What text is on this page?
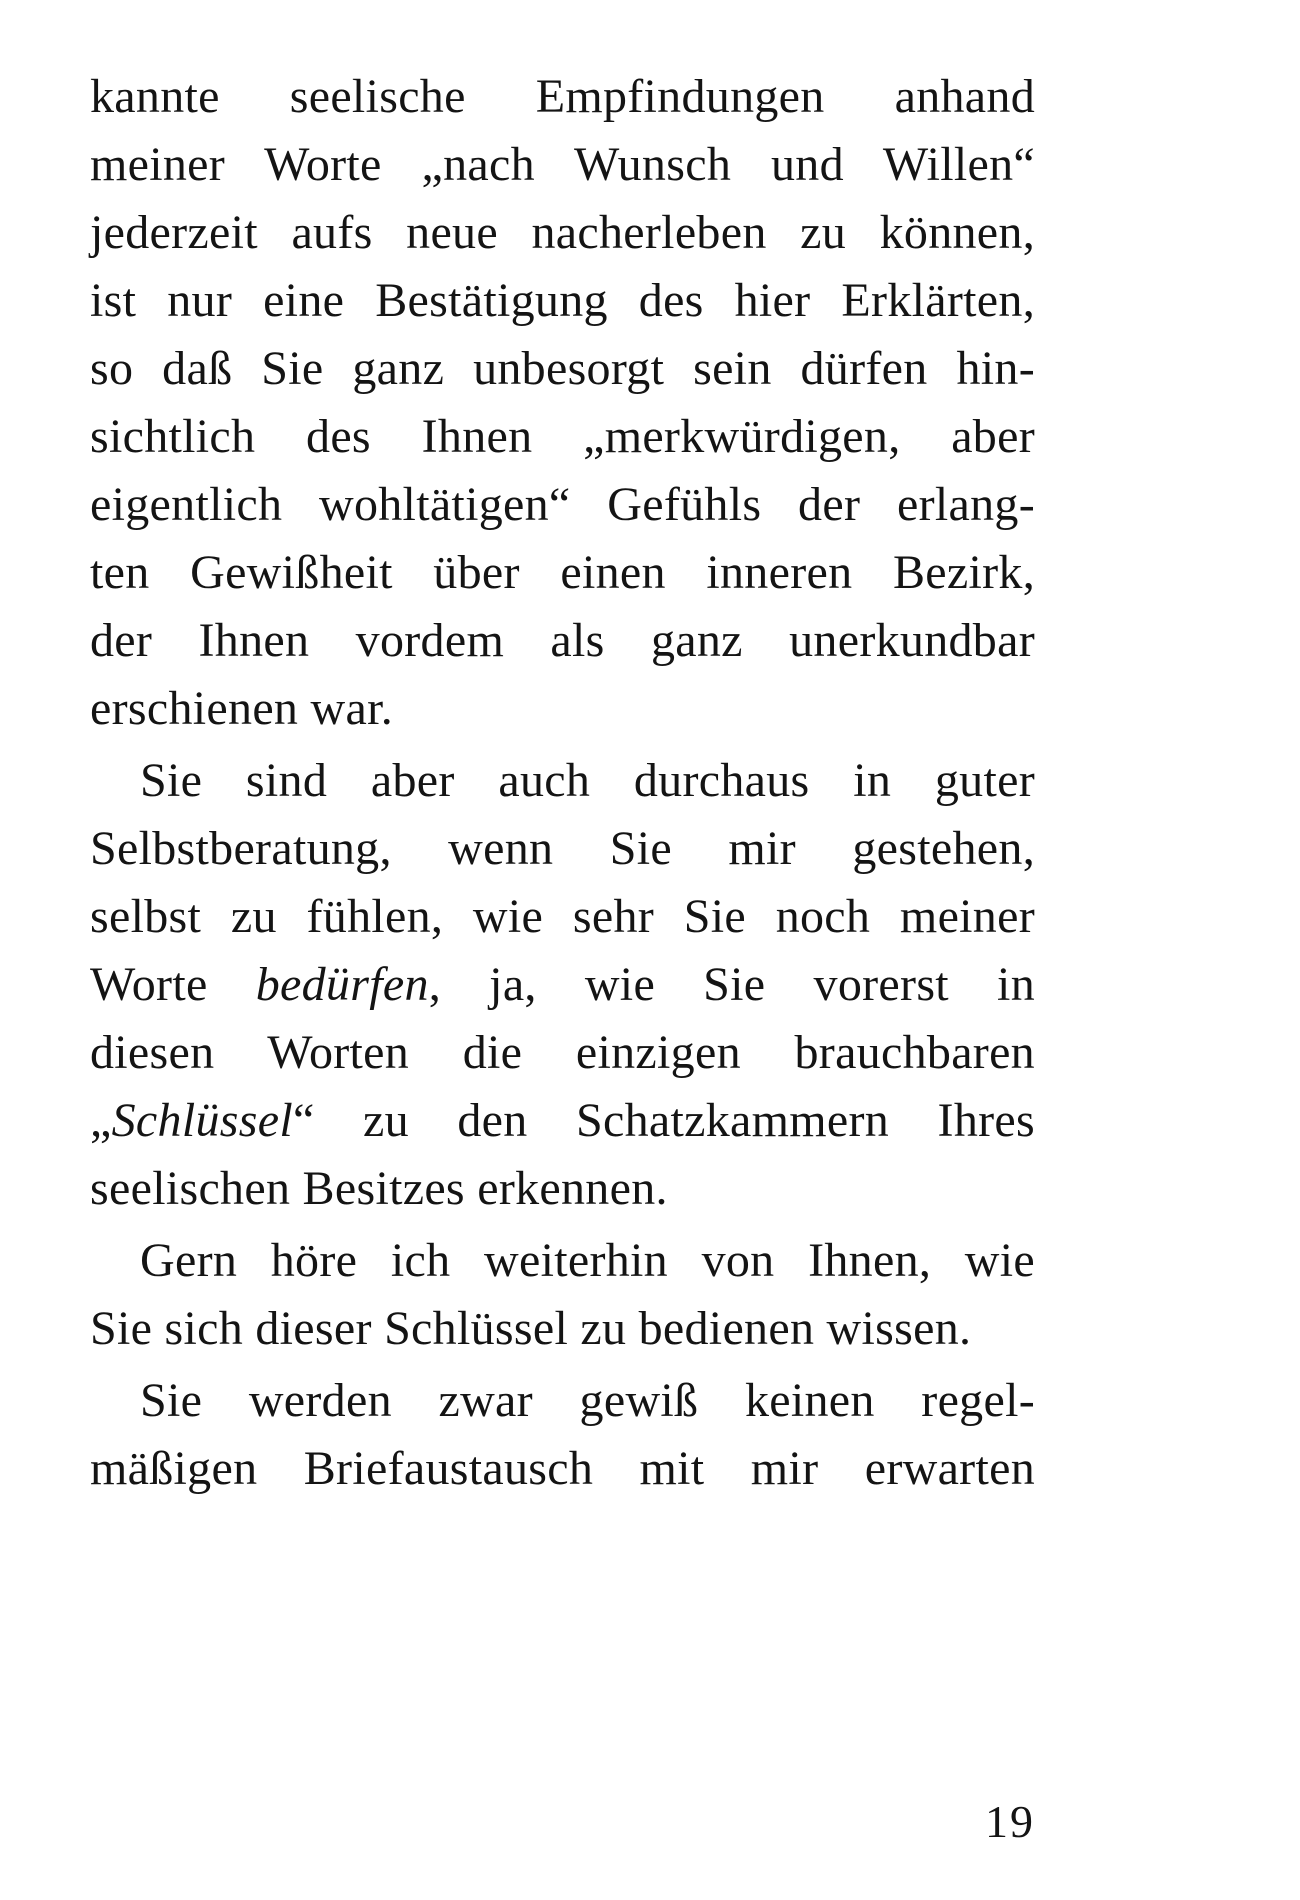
kannte seelische Empfindungen anhand
meiner Worte „nach Wunsch und Willen“
jederzeit aufs neue nacherleben zu können,
ist nur eine Bestätigung des hier Erklärten,
so daß Sie ganz unbesorgt sein dürfen hin-
sichtlich des Ihnen „merkwürdigen, aber
eigentlich wohltätigen“ Gefühls der erlang-
ten Gewißheit über einen inneren Bezirk,
der Ihnen vordem als ganz unerkundbar
erschienen war.
Sie sind aber auch durchaus in guter
Selbstberatung, wenn Sie mir gestehen,
selbst zu fühlen, wie sehr Sie noch meiner
Worte bedürfen, ja, wie Sie vorerst in
diesen Worten die einzigen brauchbaren
„Schlüssel“ zu den Schatzkammern Ihres
seelischen Besitzes erkennen.
Gern höre ich weiterhin von Ihnen, wie
Sie sich dieser Schlüssel zu bedienen wissen.
Sie werden zwar gewiß keinen regel-
mäßigen Briefaustausch mit mir erwarten
19
